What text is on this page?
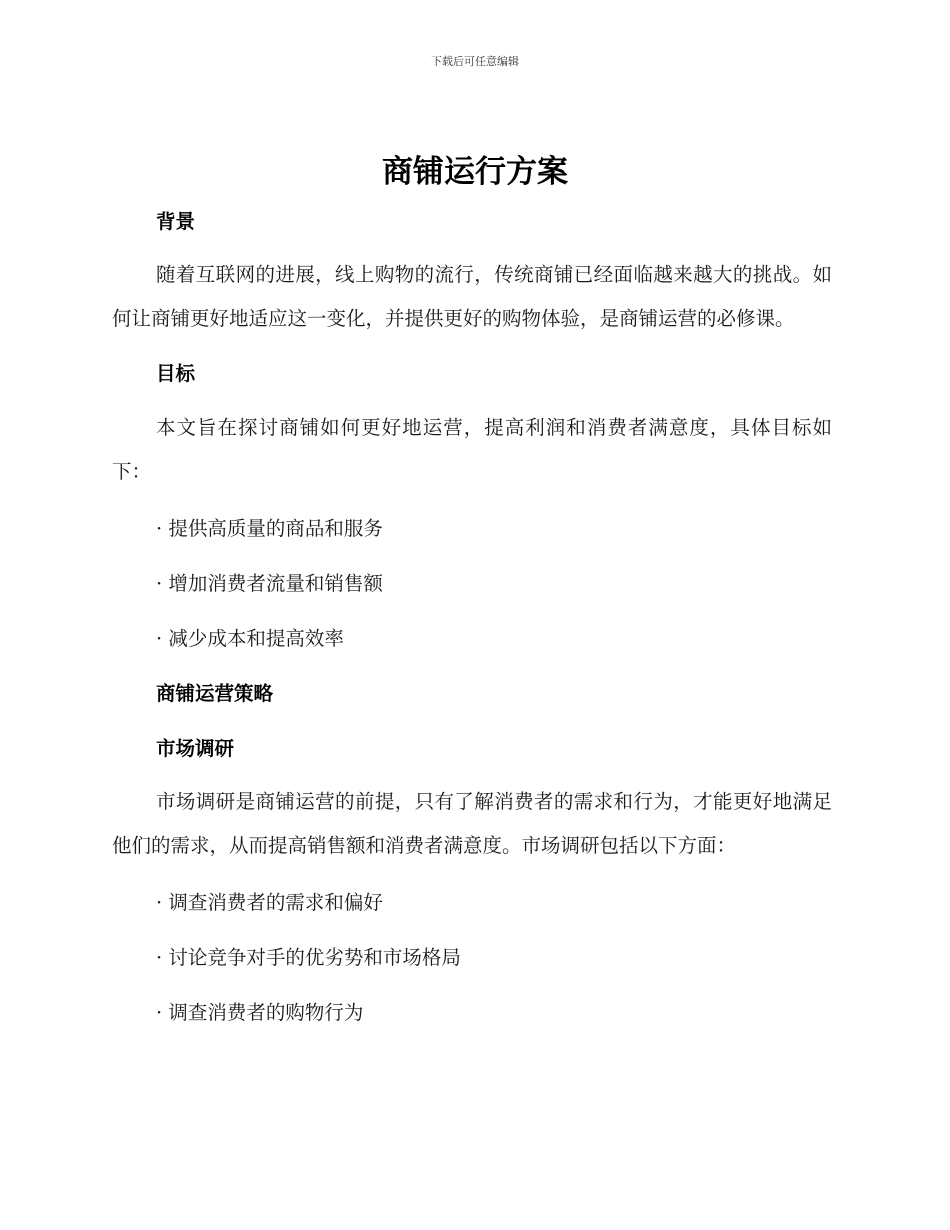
下载后可任意编辑
商铺运行方案
背景

随着互联网的进展，线上购物的流行，传统商铺已经面临越来越大的挑战。如何让商铺更好地适应这一变化，并提供更好的购物体验，是商铺运营的必修课。

目标

本文旨在探讨商铺如何更好地运营，提高利润和消费者满意度，具体目标如下：

· 提供高质量的商品和服务

· 增加消费者流量和销售额

· 减少成本和提高效率

商铺运营策略
市场调研

市场调研是商铺运营的前提，只有了解消费者的需求和行为，才能更好地满足他们的需求，从而提高销售额和消费者满意度。市场调研包括以下方面：

· 调查消费者的需求和偏好

· 讨论竞争对手的优劣势和市场格局

· 调查消费者的购物行为
